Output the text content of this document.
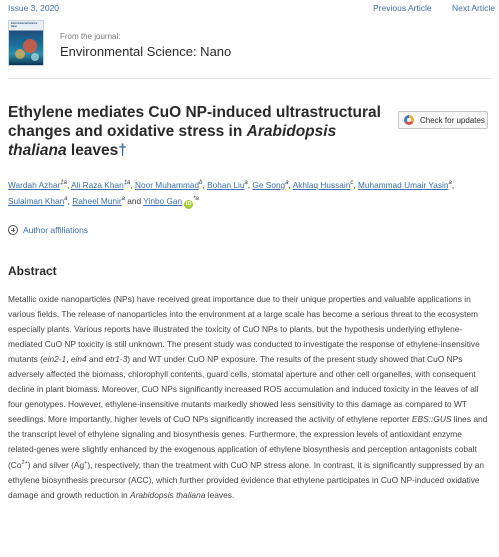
Issue 3, 2020	Previous Article Next Article
Environmental Science Nano
From the journal:
Environmental Science: Nano
Ethylene mediates CuO NP-induced ultrastructural changes and oxidative stress in Arabidopsis thaliana leaves†
Check for updates
Wardah Azhar$^{\ddagger a}$, Ali Raza Khan$^{\ddagger a}$, Noor Muhammad$^b$, Bohan Liu$^a$, Ge Song$^a$, Akhlaq Hussain$^c$, Muhammad Umair Yasin$^a$, Sulaiman Khan$^a$, Raheel Munir$^a$ and Yinbo Gan $iD^{*a}$
Author affiliations
Abstract

Metallic oxide nanoparticles (NPs) have received great importance due to their unique properties and valuable applications in various fields. The release of nanoparticles into the environment at a large scale has become a serious threat to the ecosystem especially plants. Various reports have illustrated the toxicity of CuO NPs to plants, but the hypothesis underlying ethylene-mediated CuO NP toxicity is still unknown. The present study was conducted to investigate the response of ethylene-insensitive mutants (ein2-1, ein4 and etr1-3) and WT under CuO NP exposure. The results of the present study showed that CuO NPs adversely affected the biomass, chlorophyll contents, guard cells, stomatal aperture and other cell organelles, with consequent decline in plant biomass. Moreover, CuO NPs significantly increased ROS accumulation and induced toxicity in the leaves of all four genotypes. However, ethylene-insensitive mutants markedly showed less sensitivity to this damage as compared to WT seedlings. More importantly, higher levels of CuO NPs significantly increased the activity of ethylene reporter EBS::GUS lines and the transcript level of ethylene signaling and biosynthesis genes. Furthermore, the expression levels of antioxidant enzyme related-genes were slightly enhanced by the exogenous application of ethylene biosynthesis and perception antagonists cobalt $(Co^{2+})$ and silver (Ag+), respectively, than the treatment with CuO NP stress alone. In contrast, it is significantly suppressed by an ethylene biosynthesis precursor (ACC), which further provided evidence that ethylene participates in CuO NP-induced oxidative damage and growth reduction in Arabidopsis thaliana leaves.
